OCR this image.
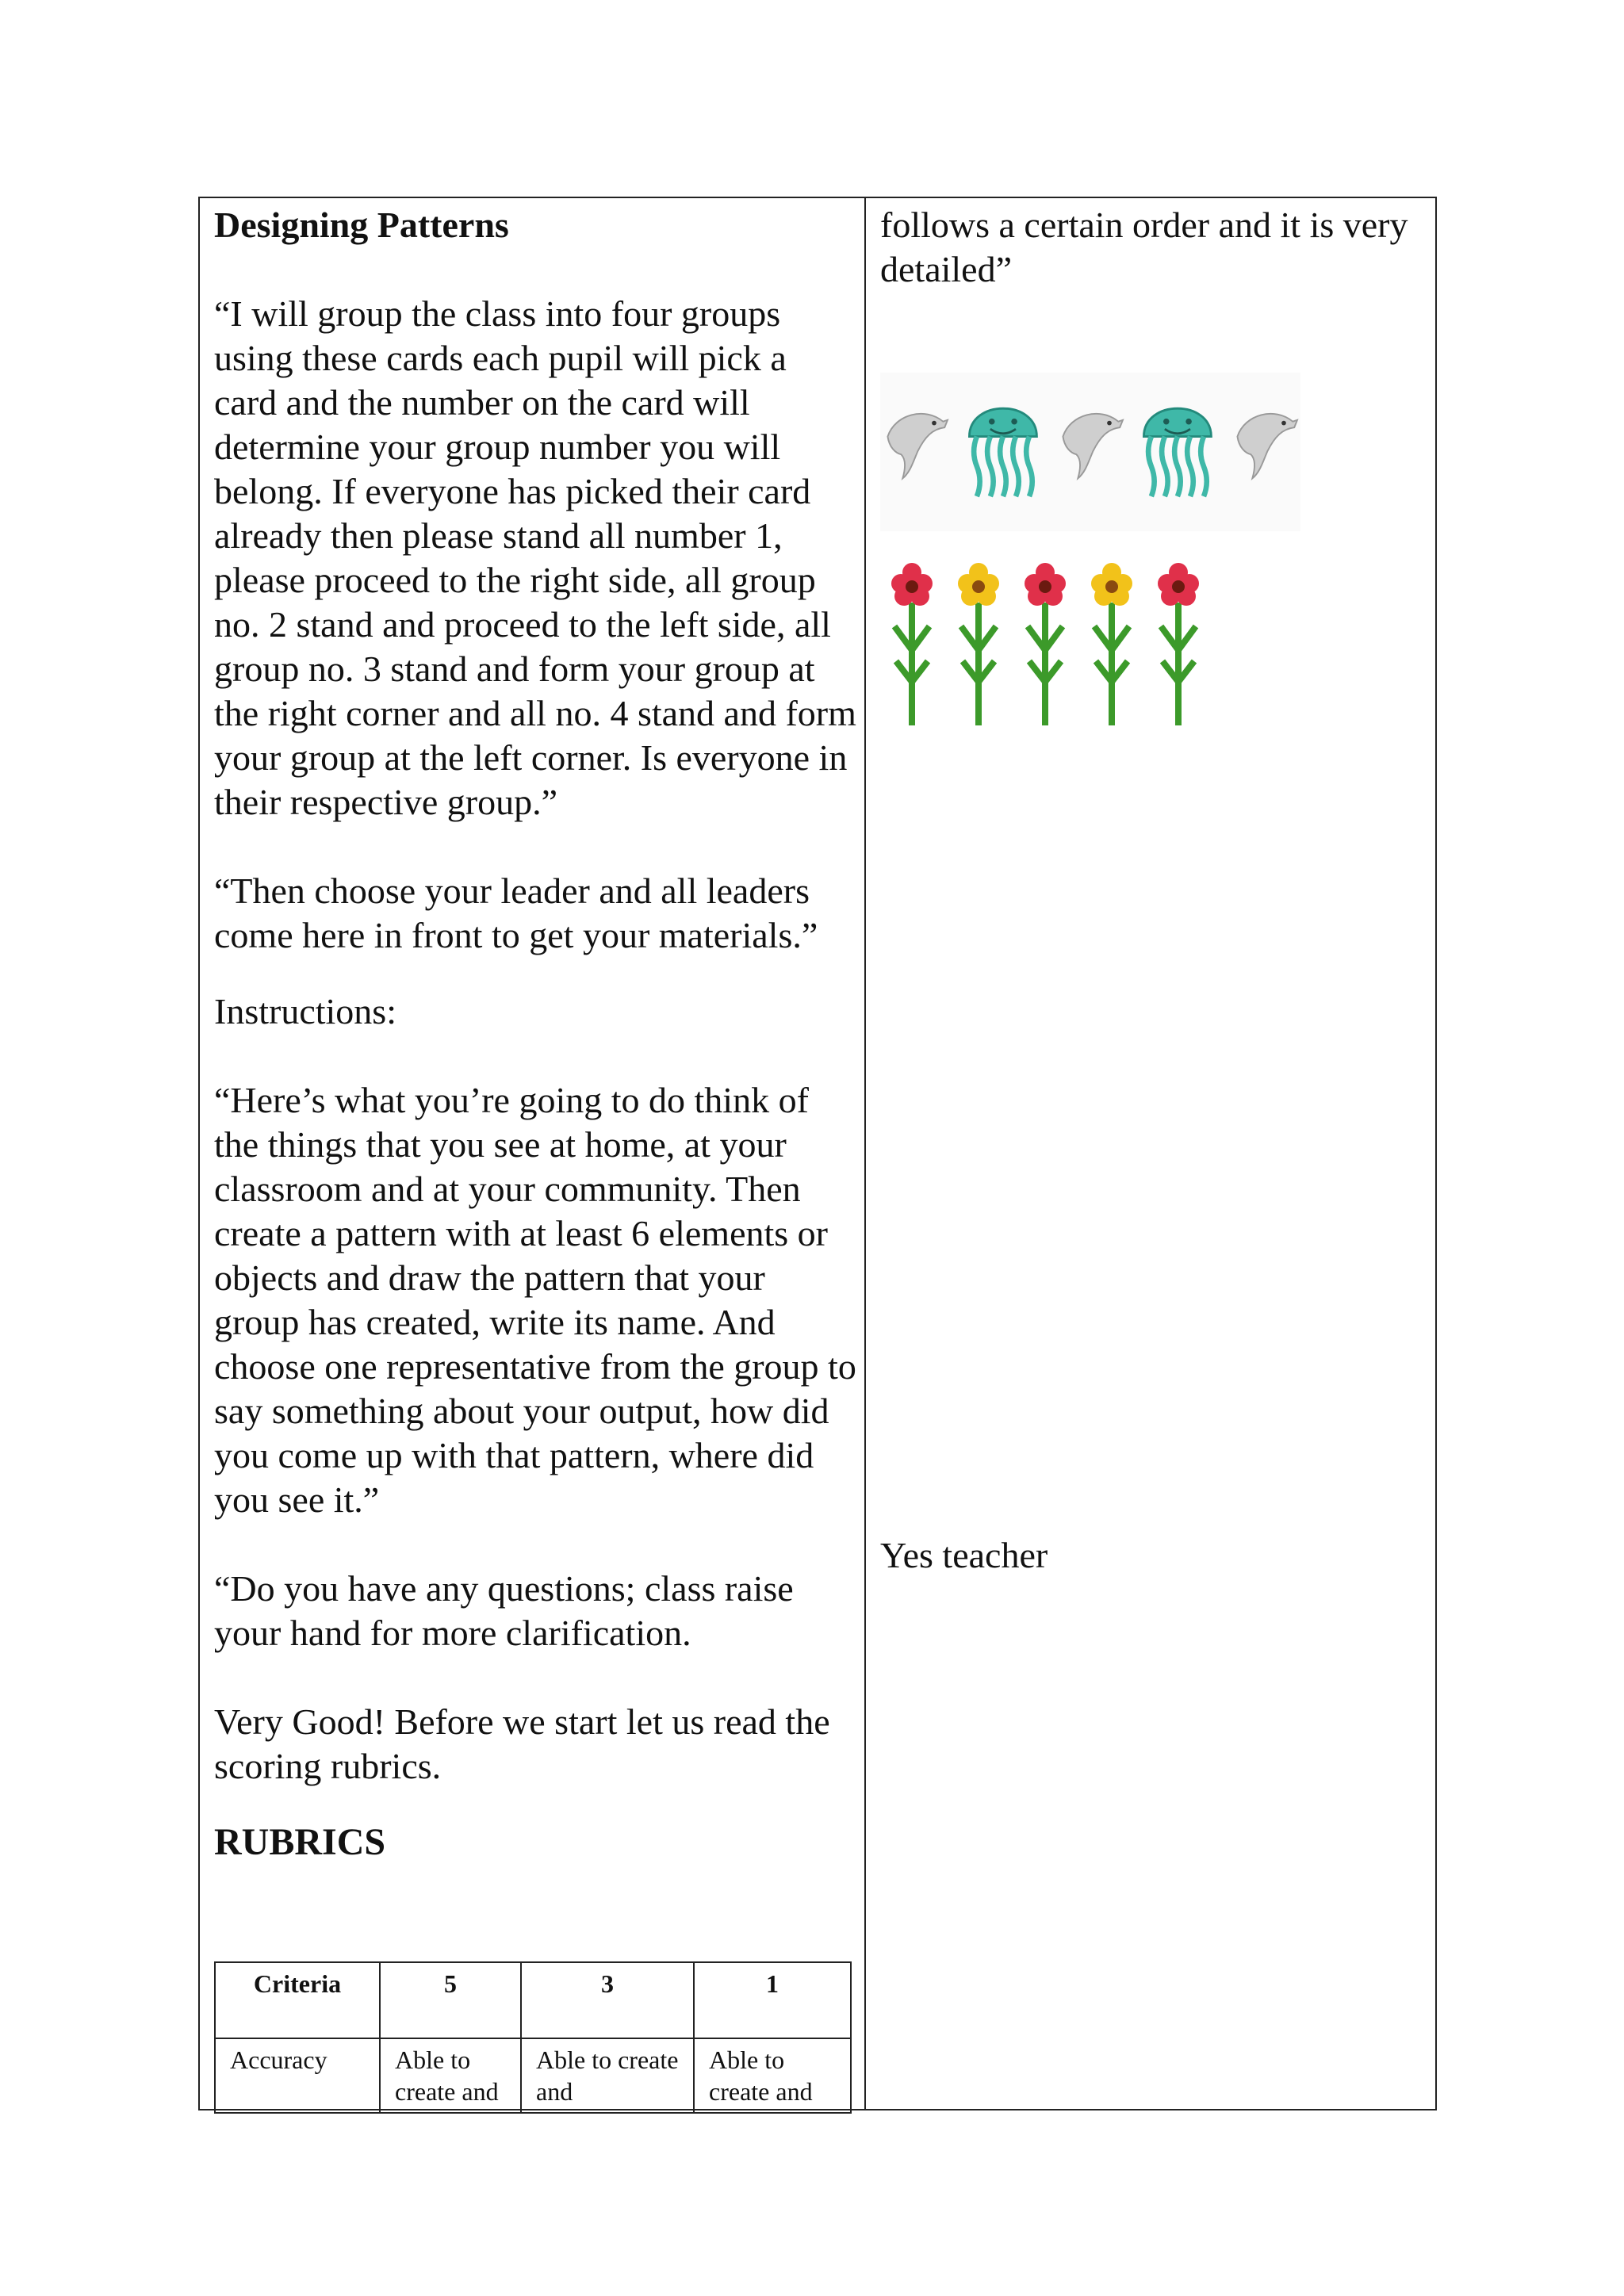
Designing Patterns

“I will group the class into four groups using these cards each pupil will pick a card and the number on the card will determine your group number you will belong. If everyone has picked their card already then please stand all number 1, please proceed to the right side, all group no. 2 stand and proceed to the left side, all group no. 3 stand and form your group at the right corner and all no. 4 stand and form your group at the left corner. Is everyone in their respective group.”

“Then choose your leader and all leaders come here in front to get your materials.”

Instructions:

“Here’s what you’re going to do think of the things that you see at home, at your classroom and at your community. Then create a pattern with at least 6 elements or objects and draw the pattern that your group has created, write its name. And choose one representative from the group to say something about your output, how did you come up with that pattern, where did you see it.”

“Do you have any questions; class raise your hand for more clarification.

Very Good! Before we start let us read the scoring rubrics.

RUBRICS

Criteria	5	3	1
Accuracy	Able to create and	Able to create and	Able to create and

follows a certain order and it is very detailed”

Yes teacher
